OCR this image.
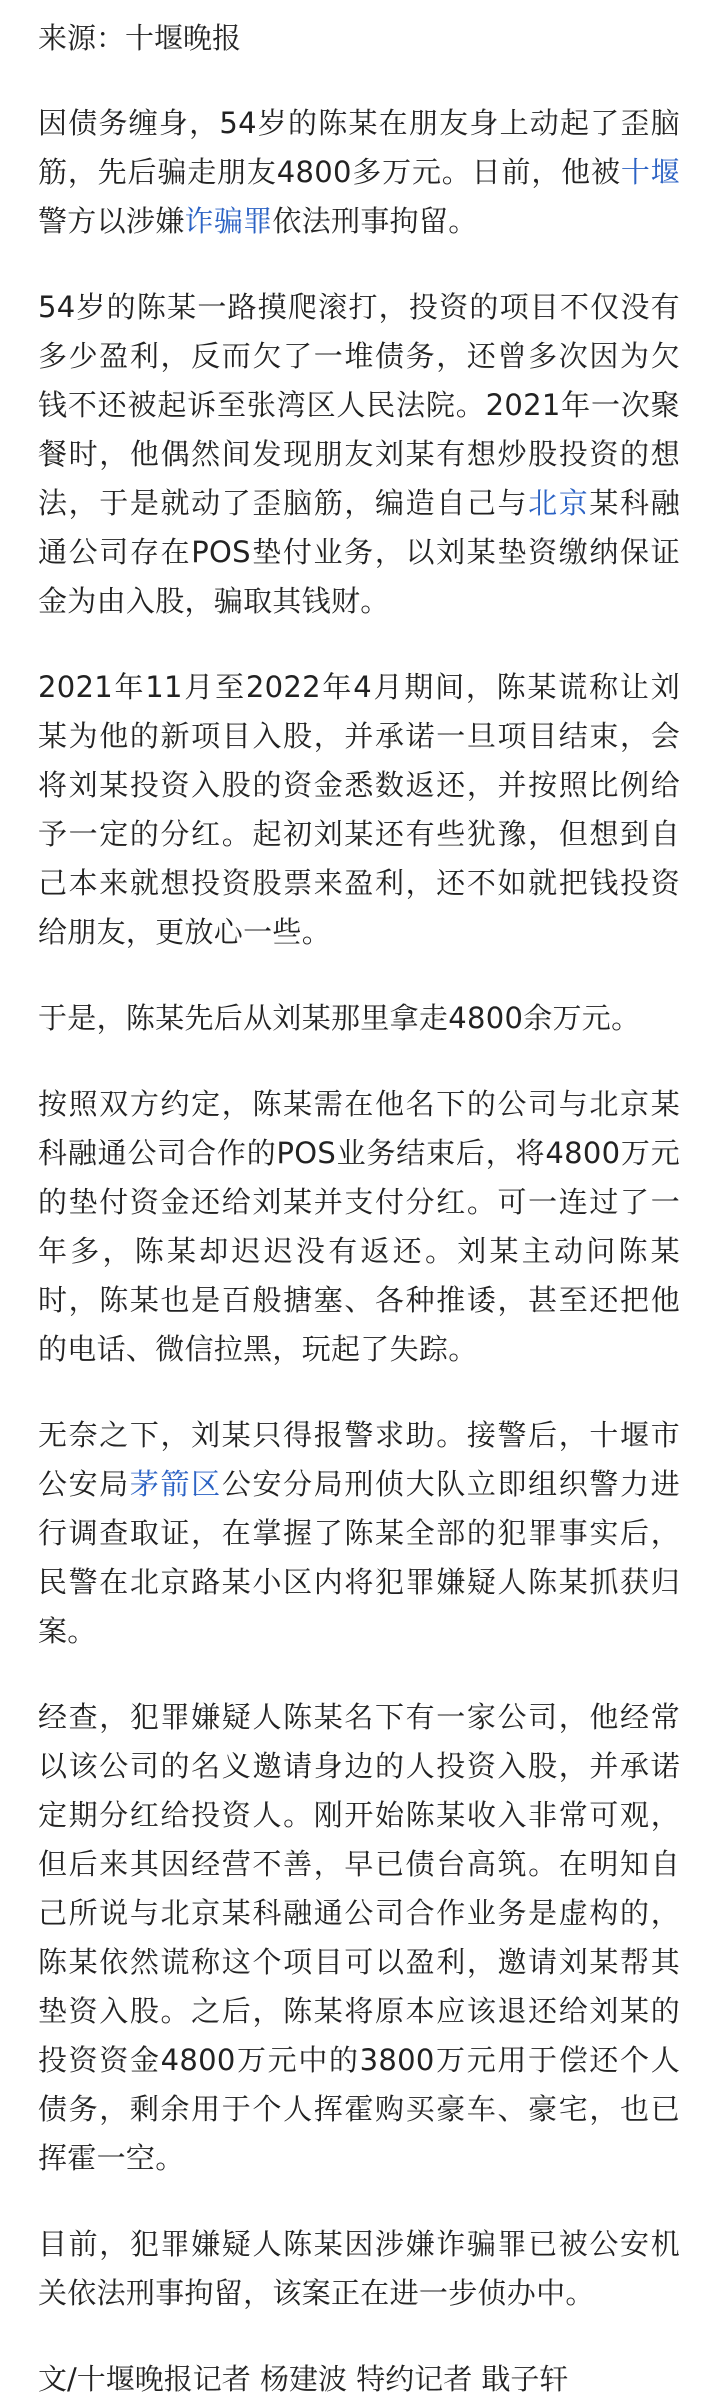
来源：十堰晚报

因债务缠身，54岁的陈某在朋友身上动起了歪脑筋，先后骗走朋友4800多万元。日前，他被十堰警方以涉嫌诈骗罪依法刑事拘留。

54岁的陈某一路摸爬滚打，投资的项目不仅没有多少盈利，反而欠了一堆债务，还曾多次因为欠钱不还被起诉至张湾区人民法院。2021年一次聚餐时，他偶然间发现朋友刘某有想炒股投资的想法，于是就动了歪脑筋，编造自己与北京某科融通公司存在POS垫付业务，以刘某垫资缴纳保证金为由入股，骗取其钱财。

2021年11月至2022年4月期间，陈某谎称让刘某为他的新项目入股，并承诺一旦项目结束，会将刘某投资入股的资金悉数返还，并按照比例给予一定的分红。起初刘某还有些犹豫，但想到自己本来就想投资股票来盈利，还不如就把钱投资给朋友，更放心一些。

于是，陈某先后从刘某那里拿走4800余万元。

按照双方约定，陈某需在他名下的公司与北京某科融通公司合作的POS业务结束后，将4800万元的垫付资金还给刘某并支付分红。可一连过了一年多，陈某却迟迟没有返还。刘某主动问陈某时，陈某也是百般搪塞、各种推诿，甚至还把他的电话、微信拉黑，玩起了失踪。

无奈之下，刘某只得报警求助。接警后，十堰市公安局茅箭区公安分局刑侦大队立即组织警力进行调查取证，在掌握了陈某全部的犯罪事实后，民警在北京路某小区内将犯罪嫌疑人陈某抓获归案。

经查，犯罪嫌疑人陈某名下有一家公司，他经常以该公司的名义邀请身边的人投资入股，并承诺定期分红给投资人。刚开始陈某收入非常可观，但后来其因经营不善，早已债台高筑。在明知自己所说与北京某科融通公司合作业务是虚构的，陈某依然谎称这个项目可以盈利，邀请刘某帮其垫资入股。之后，陈某将原本应该退还给刘某的投资资金4800万元中的3800万元用于偿还个人债务，剩余用于个人挥霍购买豪车、豪宅，也已挥霍一空。

目前，犯罪嫌疑人陈某因涉嫌诈骗罪已被公安机关依法刑事拘留，该案正在进一步侦办中。

文/十堰晚报记者 杨建波 特约记者 戢子轩
